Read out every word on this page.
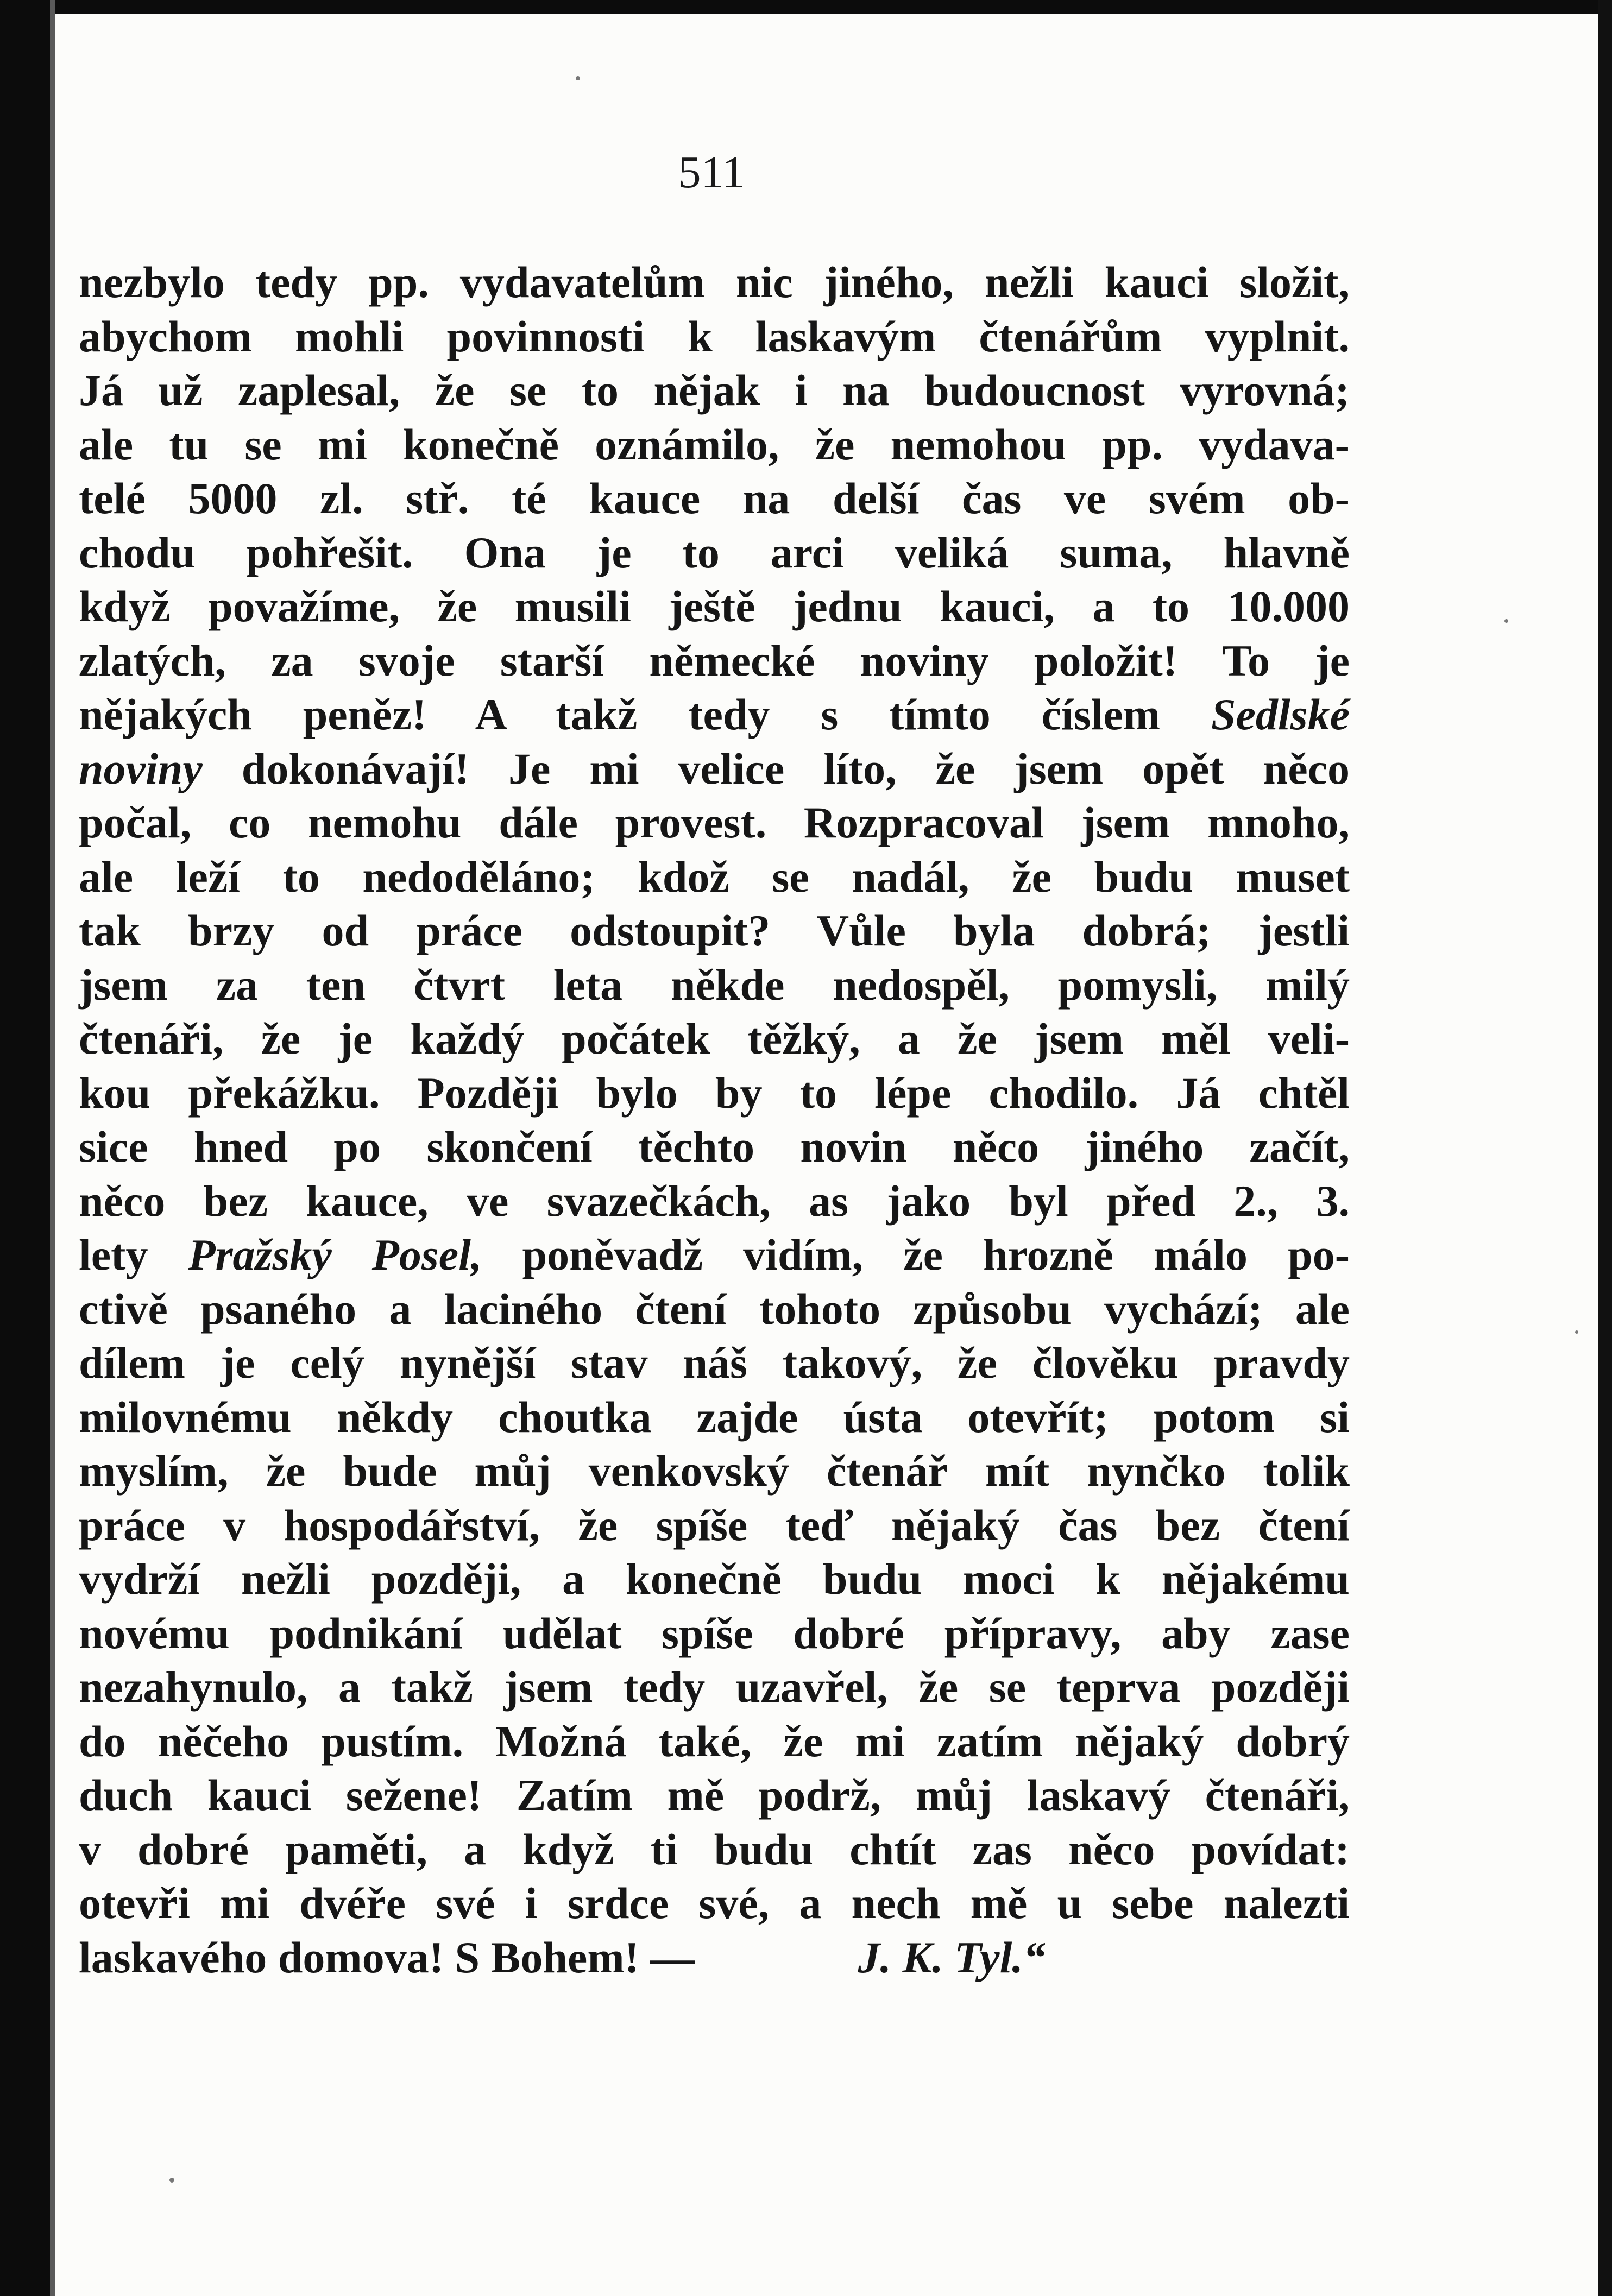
511
nezbylo tedy pp. vydavatelům nic jiného, nežli kauci složit,
abychom mohli povinnosti k laskavým čtenářům vyplnit.
Já už zaplesal, že se to nějak i na budoucnost vyrovná;
ale tu se mi konečně oznámilo, že nemohou pp. vydava-
telé 5000 zl. stř. té kauce na delší čas ve svém ob-
chodu pohřešit. Ona je to arci veliká suma, hlavně
když považíme, že musili ještě jednu kauci, a to 10.000
zlatých, za svoje starší německé noviny položit! To je
nějakých peněz! A takž tedy s tímto číslem Sedlské
noviny dokonávají! Je mi velice líto, že jsem opět něco
počal, co nemohu dále provest. Rozpracoval jsem mnoho,
ale leží to nedoděláno; kdož se nadál, že budu muset
tak brzy od práce odstoupit? Vůle byla dobrá; jestli
jsem za ten čtvrt leta někde nedospěl, pomysli, milý
čtenáři, že je každý počátek těžký, a že jsem měl veli-
kou překážku. Později bylo by to lépe chodilo. Já chtěl
sice hned po skončení těchto novin něco jiného začít,
něco bez kauce, ve svazečkách, as jako byl před 2., 3.
lety Pražský Posel, poněvadž vidím, že hrozně málo po-
ctivě psaného a laciného čtení tohoto způsobu vychází; ale
dílem je celý nynější stav náš takový, že člověku pravdy
milovnému někdy choutka zajde ústa otevřít; potom si
myslím, že bude můj venkovský čtenář mít nynčko tolik
práce v hospodářství, že spíše teď nějaký čas bez čtení
vydrží nežli později, a konečně budu moci k nějakému
novému podnikání udělat spíše dobré přípravy, aby zase
nezahynulo, a takž jsem tedy uzavřel, že se teprva později
do něčeho pustím. Možná také, že mi zatím nějaký dobrý
duch kauci sežene! Zatím mě podrž, můj laskavý čtenáři,
v dobré paměti, a když ti budu chtít zas něco povídat:
otevři mi dvéře své i srdce své, a nech mě u sebe nalezti
laskavého domova! S Bohem! —	J. K. Tyl.“
